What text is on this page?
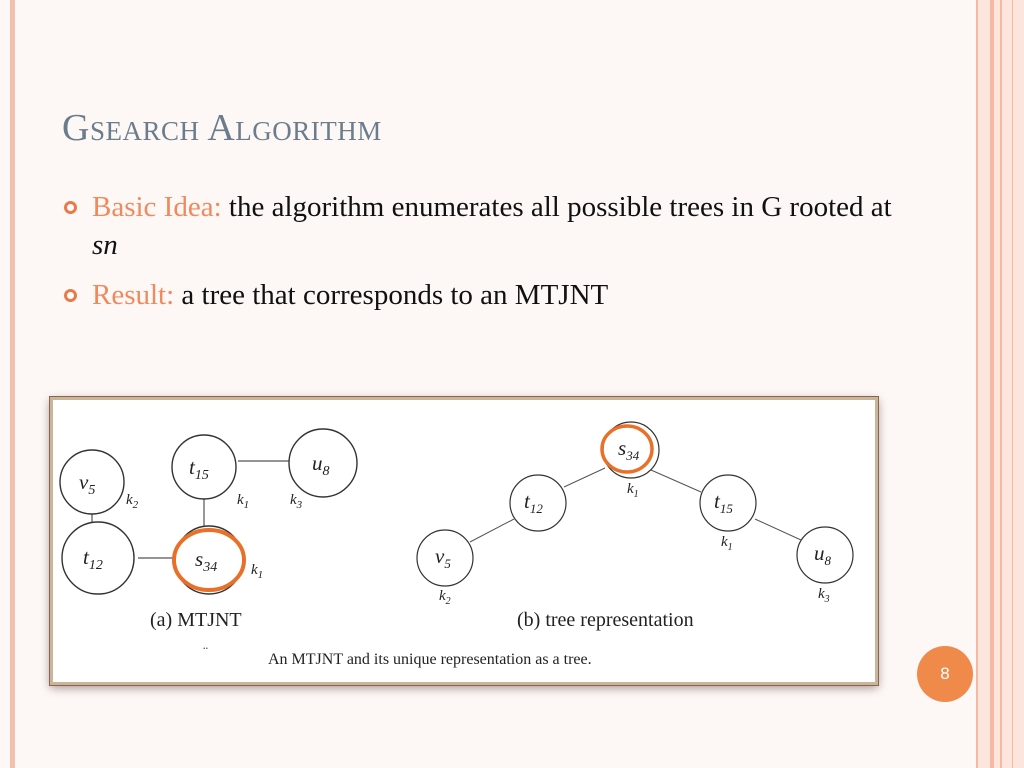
Gsearch Algorithm
Basic Idea: the algorithm enumerates all possible trees in G rooted at sn
Result: a tree that corresponds to an MTJNT
$v_5$
$t_{15}$
$u_8$
$t_{12}$	$s_{34}$
$k_2$	$k_1$	$k_3$
$k_1$
$s_{34}$
$t_{12}$	$t_{15}$
$v_5$	$u_8$
$k_1$
$k_1$
$k_2$	$k_3$
(a) MTJNT	(b) tree representation
¨	An MTJNT and its unique representation as a tree.
8
